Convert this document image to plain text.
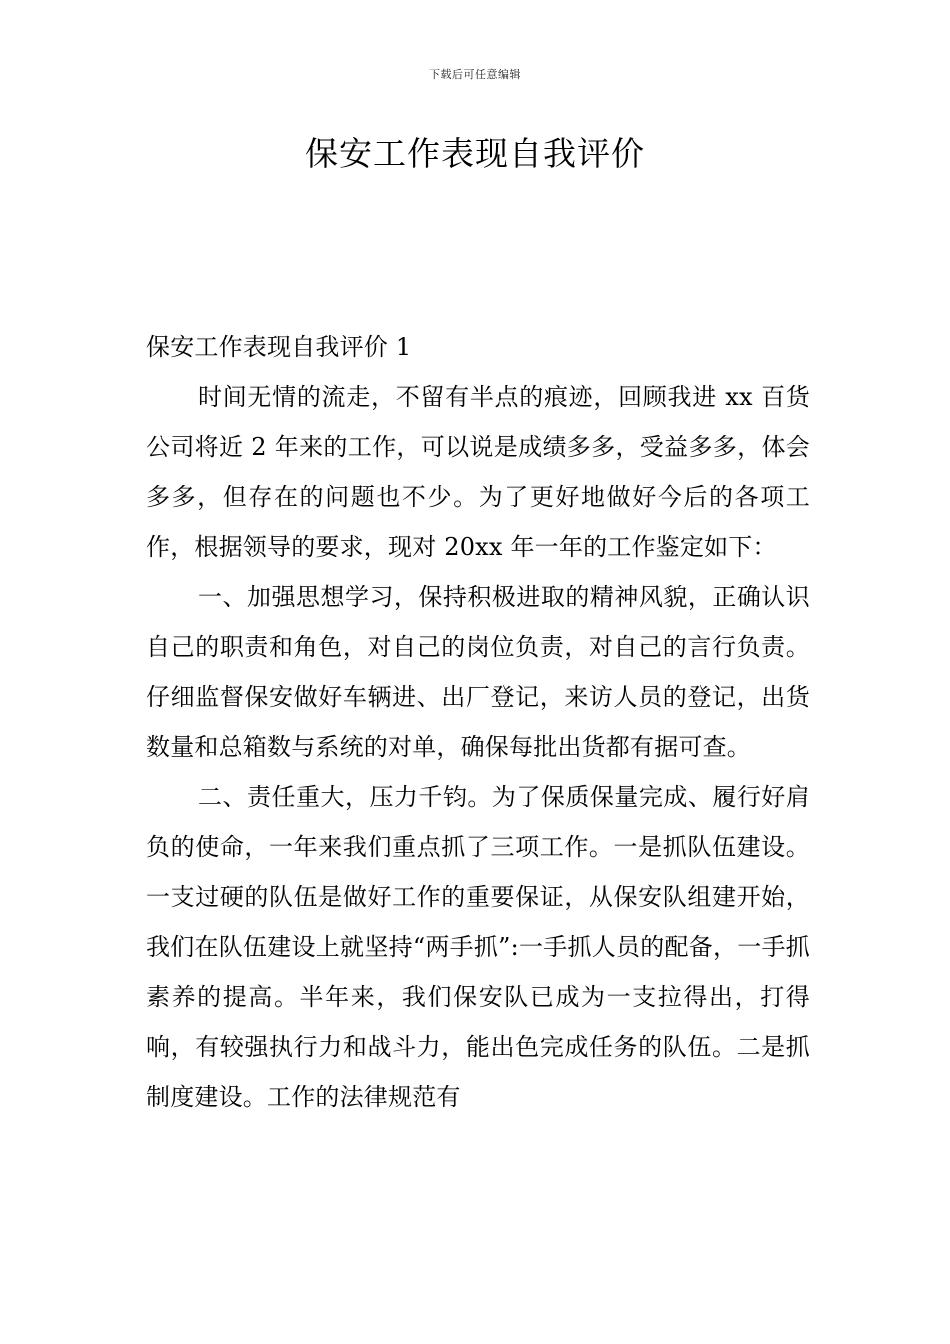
下载后可任意编辑
保安工作表现自我评价

保安工作表现自我评价 1

时间无情的流走，不留有半点的痕迹，回顾我进 xx 百货公司将近 2 年来的工作，可以说是成绩多多，受益多多，体会多多，但存在的问题也不少。为了更好地做好今后的各项工作，根据领导的要求，现对 20xx 年一年的工作鉴定如下：

一、加强思想学习，保持积极进取的精神风貌，正确认识自己的职责和角色，对自己的岗位负责，对自己的言行负责。仔细监督保安做好车辆进、出厂登记，来访人员的登记，出货数量和总箱数与系统的对单，确保每批出货都有据可查。

二、责任重大，压力千钧。为了保质保量完成、履行好肩负的使命，一年来我们重点抓了三项工作。一是抓队伍建设。一支过硬的队伍是做好工作的重要保证，从保安队组建开始，我们在队伍建设上就坚持“两手抓”:一手抓人员的配备，一手抓素养的提高。半年来，我们保安队已成为一支拉得出，打得响，有较强执行力和战斗力，能出色完成任务的队伍。二是抓制度建设。工作的法律规范有
